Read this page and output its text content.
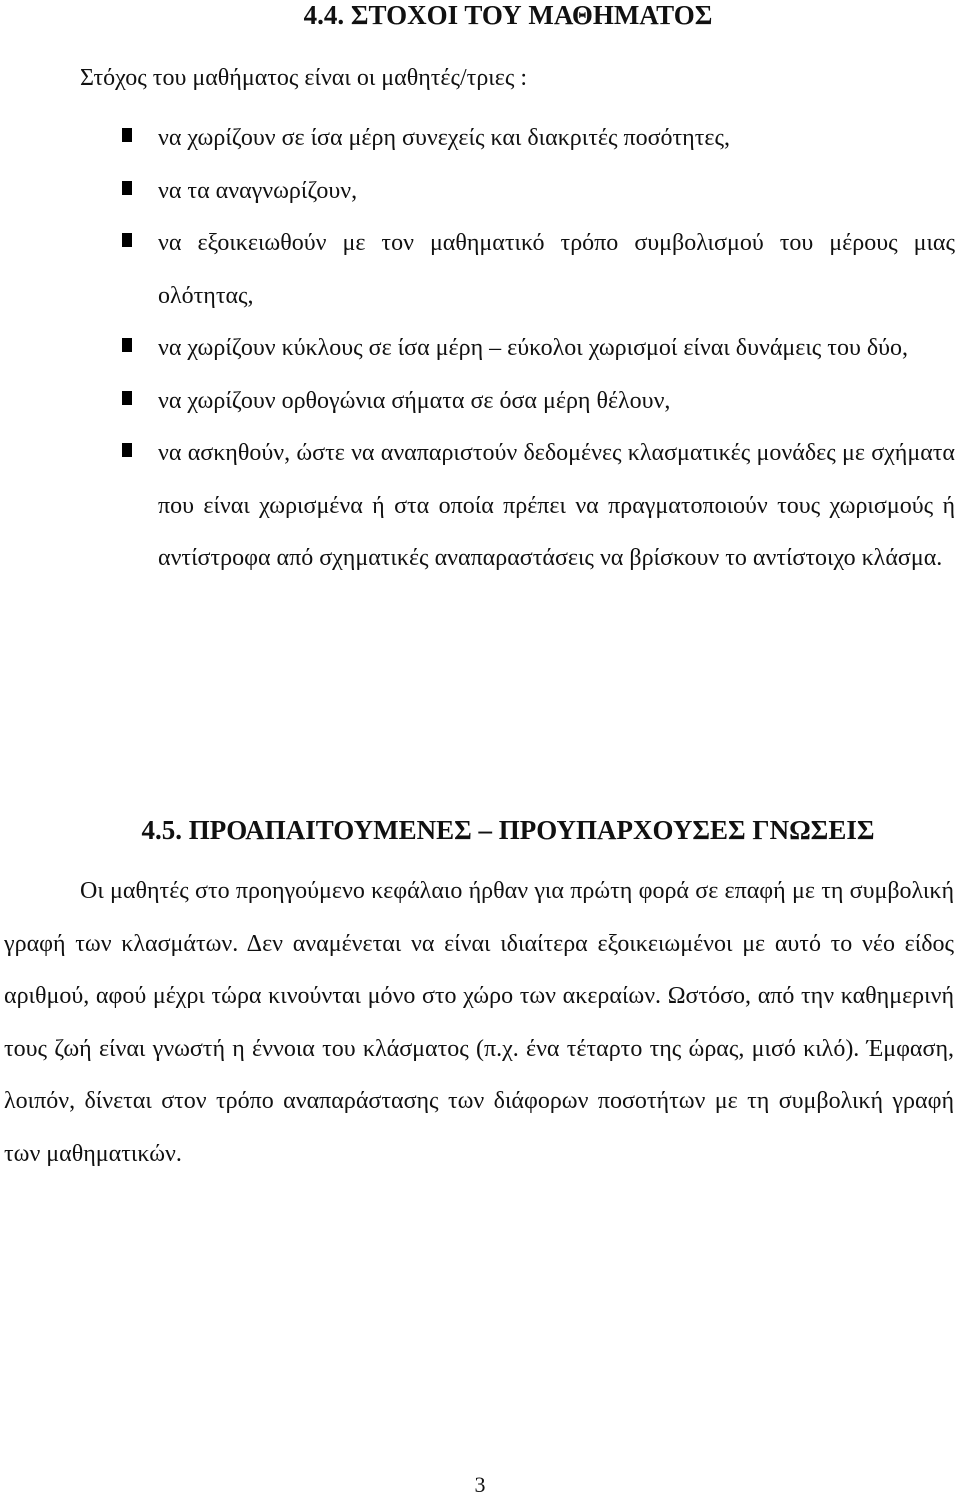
4.4. ΣΤΟΧΟΙ ΤΟΥ ΜΑΘΗΜΑΤΟΣ

Στόχος του μαθήματος είναι οι μαθητές/τριες :

να χωρίζουν σε ίσα μέρη συνεχείς και διακριτές ποσότητες,
να τα αναγνωρίζουν,
να εξοικειωθούν με τον μαθηματικό τρόπο συμβολισμού του μέρους μιας ολότητας,
να χωρίζουν κύκλους σε ίσα μέρη – εύκολοι χωρισμοί είναι δυνάμεις του δύο,
να χωρίζουν ορθογώνια σήματα σε όσα μέρη θέλουν,
να ασκηθούν, ώστε να αναπαριστούν δεδομένες κλασματικές μονάδες με σχήματα που είναι χωρισμένα ή στα οποία πρέπει να πραγματοποιούν τους χωρισμούς ή αντίστροφα από σχηματικές αναπαραστάσεις να βρίσκουν το αντίστοιχο κλάσμα.
4.5. ΠΡΟΑΠΑΙΤΟΥΜΕΝΕΣ – ΠΡΟΥΠΑΡΧΟΥΣΕΣ ΓΝΩΣΕΙΣ

Οι μαθητές στο προηγούμενο κεφάλαιο ήρθαν για πρώτη φορά σε επαφή με τη συμβολική γραφή των κλασμάτων. Δεν αναμένεται να είναι ιδιαίτερα εξοικειωμένοι με αυτό το νέο είδος αριθμού, αφού μέχρι τώρα κινούνται μόνο στο χώρο των ακεραίων. Ωστόσο, από την καθημερινή τους ζωή είναι γνωστή η έννοια του κλάσματος (π.χ. ένα τέταρτο της ώρας, μισό κιλό). Έμφαση, λοιπόν, δίνεται στον τρόπο αναπαράστασης των διάφορων ποσοτήτων με τη συμβολική γραφή των μαθηματικών.

3
